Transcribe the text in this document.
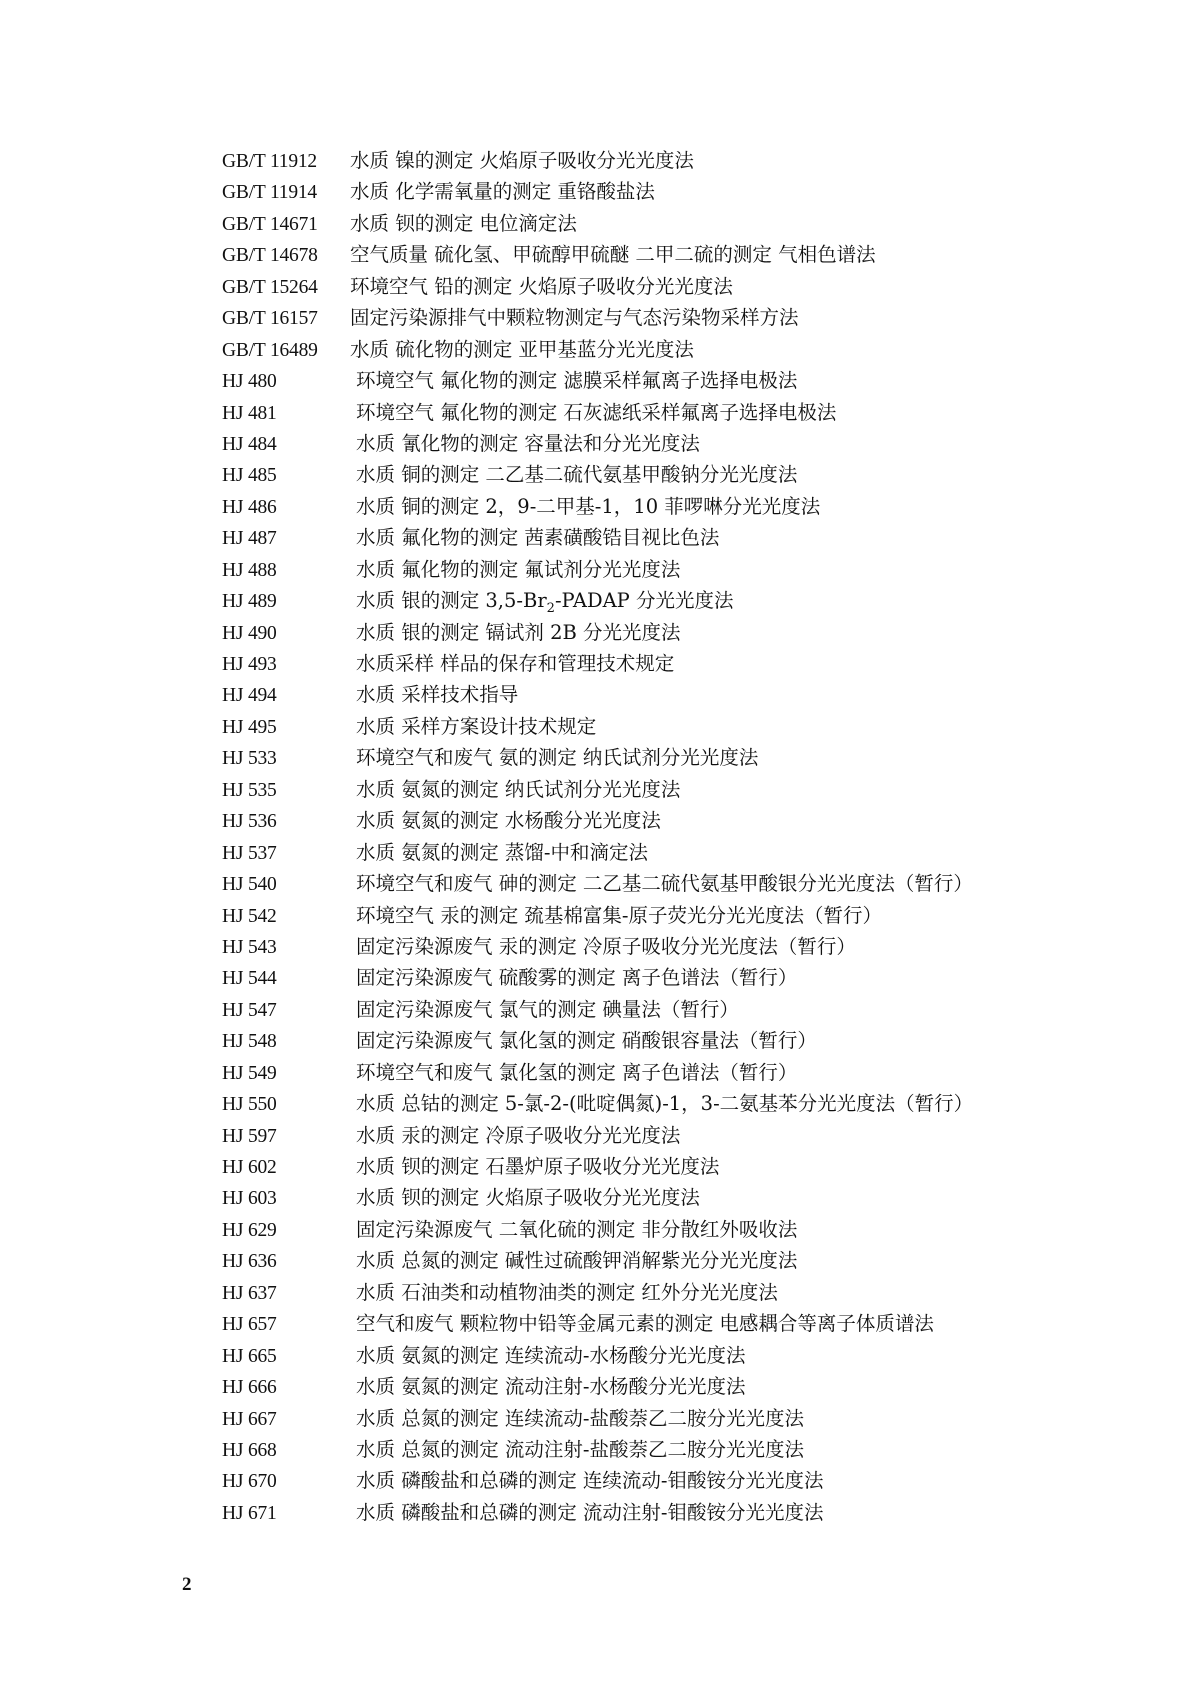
GB/T 11912	水质 镍的测定 火焰原子吸收分光光度法
GB/T 11914	水质 化学需氧量的测定 重铬酸盐法
GB/T 14671	水质 钡的测定 电位滴定法
GB/T 14678	空气质量 硫化氢、甲硫醇甲硫醚 二甲二硫的测定 气相色谱法
GB/T 15264	环境空气 铅的测定 火焰原子吸收分光光度法
GB/T 16157	固定污染源排气中颗粒物测定与气态污染物采样方法
GB/T 16489	水质 硫化物的测定 亚甲基蓝分光光度法
HJ 480	环境空气 氟化物的测定 滤膜采样氟离子选择电极法
HJ 481	环境空气 氟化物的测定 石灰滤纸采样氟离子选择电极法
HJ 484	水质 氰化物的测定 容量法和分光光度法
HJ 485	水质 铜的测定 二乙基二硫代氨基甲酸钠分光光度法
HJ 486	水质 铜的测定 2，9-二甲基-1，10 菲啰啉分光光度法
HJ 487	水质 氟化物的测定 茜素磺酸锆目视比色法
HJ 488	水质 氟化物的测定 氟试剂分光光度法
HJ 489	水质 银的测定 $3,5-Br_2$-PADAP 分光光度法
HJ 490	水质 银的测定 镉试剂 2B 分光光度法
HJ 493	水质采样 样品的保存和管理技术规定
HJ 494	水质 采样技术指导
HJ 495	水质 采样方案设计技术规定
HJ 533	环境空气和废气 氨的测定 纳氏试剂分光光度法
HJ 535	水质 氨氮的测定 纳氏试剂分光光度法
HJ 536	水质 氨氮的测定 水杨酸分光光度法
HJ 537	水质 氨氮的测定 蒸馏-中和滴定法
HJ 540	环境空气和废气 砷的测定 二乙基二硫代氨基甲酸银分光光度法（暂行）
HJ 542	环境空气 汞的测定 巯基棉富集-原子荧光分光光度法（暂行）
HJ 543	固定污染源废气 汞的测定 冷原子吸收分光光度法（暂行）
HJ 544	固定污染源废气 硫酸雾的测定 离子色谱法（暂行）
HJ 547	固定污染源废气 氯气的测定 碘量法（暂行）
HJ 548	固定污染源废气 氯化氢的测定 硝酸银容量法（暂行）
HJ 549	环境空气和废气 氯化氢的测定 离子色谱法（暂行）
HJ 550	水质 总钴的测定 5-氯-2-(吡啶偶氮)-1，3-二氨基苯分光光度法（暂行）
HJ 597	水质 汞的测定 冷原子吸收分光光度法
HJ 602	水质 钡的测定 石墨炉原子吸收分光光度法
HJ 603	水质 钡的测定 火焰原子吸收分光光度法
HJ 629	固定污染源废气 二氧化硫的测定 非分散红外吸收法
HJ 636	水质 总氮的测定 碱性过硫酸钾消解紫光分光光度法
HJ 637	水质 石油类和动植物油类的测定 红外分光光度法
HJ 657	空气和废气 颗粒物中铅等金属元素的测定 电感耦合等离子体质谱法
HJ 665	水质 氨氮的测定 连续流动-水杨酸分光光度法
HJ 666	水质 氨氮的测定 流动注射-水杨酸分光光度法
HJ 667	水质 总氮的测定 连续流动-盐酸萘乙二胺分光光度法
HJ 668	水质 总氮的测定 流动注射-盐酸萘乙二胺分光光度法
HJ 670	水质 磷酸盐和总磷的测定 连续流动-钼酸铵分光光度法
HJ 671	水质 磷酸盐和总磷的测定 流动注射-钼酸铵分光光度法
2
